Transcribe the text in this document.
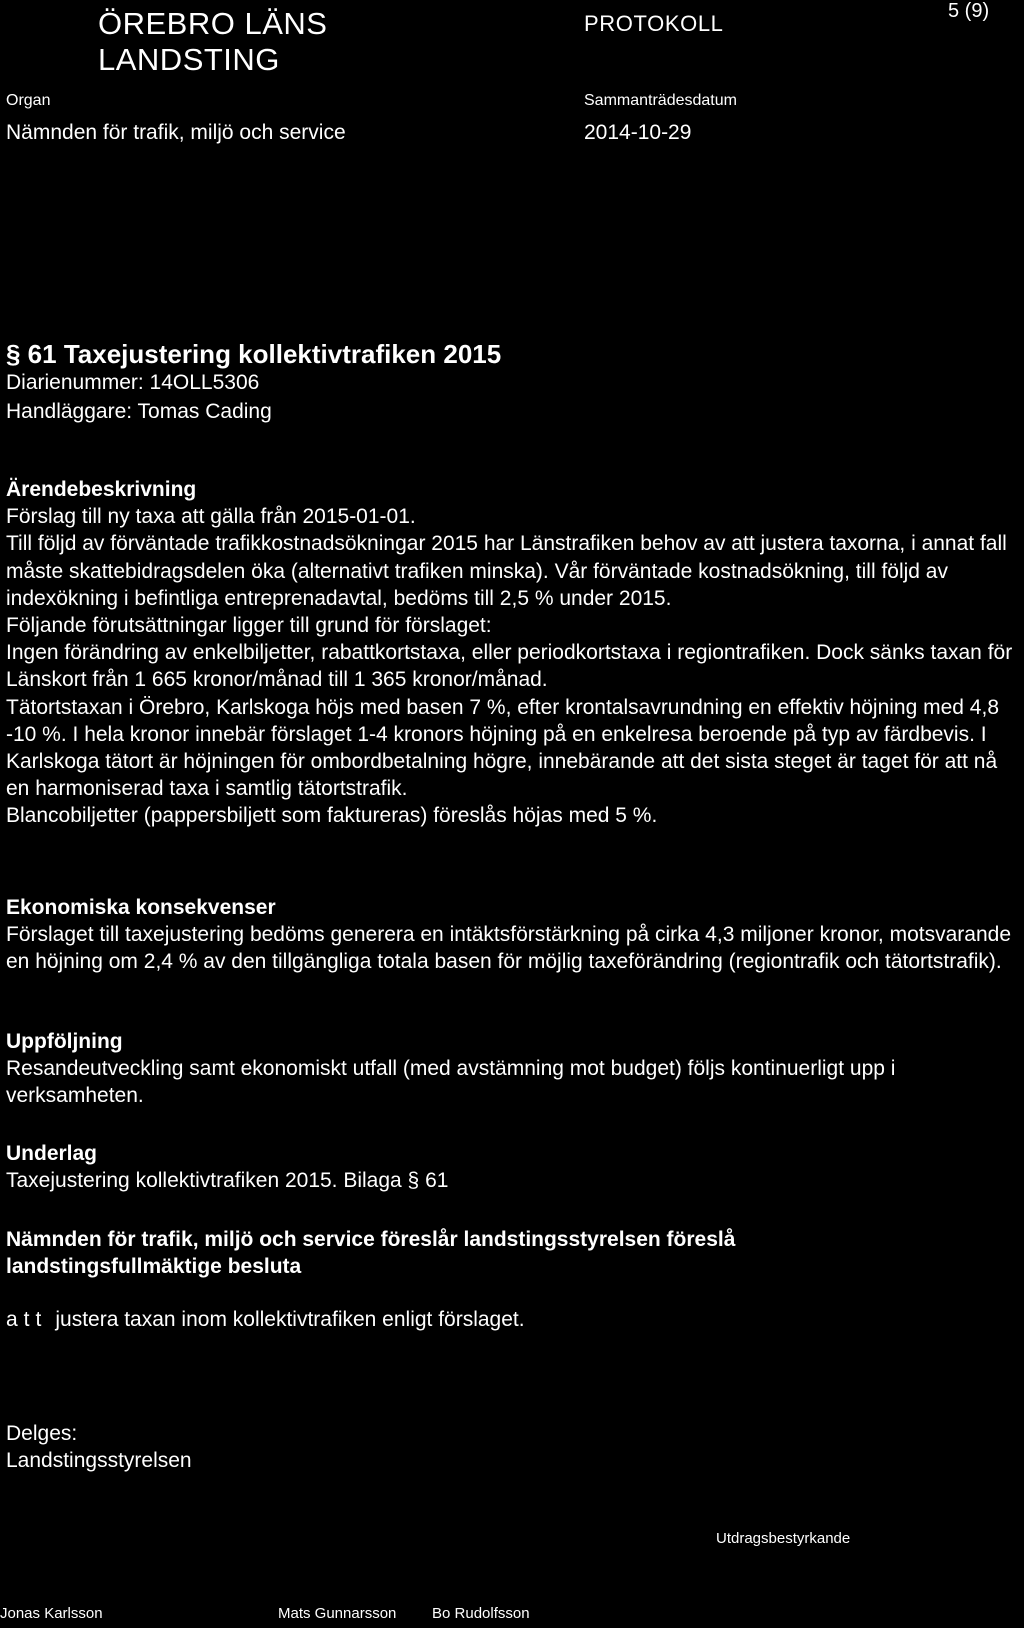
ÖREBRO LÄNS
LANDSTING
PROTOKOLL	5 (9)
Organ	Sammanträdesdatum
Nämnden för trafik, miljö och service	2014-10-29
§ 61 Taxejustering kollektivtrafiken 2015
Diarienummer: 14OLL5306
Handläggare: Tomas Cading
Ärendebeskrivning

Förslag till ny taxa att gälla från 2015-01-01.

Till följd av förväntade trafikkostnadsökningar 2015 har Länstrafiken behov av att justera taxorna, i annat fall måste skattebidragsdelen öka (alternativt trafiken minska). Vår förväntade kostnadsökning, till följd av indexökning i befintliga entreprenadavtal, bedöms till 2,5 % under 2015.

Följande förutsättningar ligger till grund för förslaget:

Ingen förändring av enkelbiljetter, rabattkortstaxa, eller periodkortstaxa i regiontrafiken. Dock sänks taxan för Länskort från 1 665 kronor/månad till 1 365 kronor/månad.

Tätortstaxan i Örebro, Karlskoga höjs med basen 7 %, efter krontalsavrundning en effektiv höjning med 4,8 -10 %. I hela kronor innebär förslaget 1-4 kronors höjning på en enkelresa beroende på typ av färdbevis. I Karlskoga tätort är höjningen för ombordbetalning högre, innebärande att det sista steget är taget för att nå en harmoniserad taxa i samtlig tätortstrafik.

Blancobiljetter (pappersbiljett som faktureras) föreslås höjas med 5 %.

Ekonomiska konsekvenser

Förslaget till taxejustering bedöms generera en intäktsförstärkning på cirka 4,3 miljoner kronor, motsvarande en höjning om 2,4 % av den tillgängliga totala basen för möjlig taxeförändring (regiontrafik och tätortstrafik).

Uppföljning

Resandeutveckling samt ekonomiskt utfall (med avstämning mot budget) följs kontinuerligt upp i verksamheten.

Underlag

Taxejustering kollektivtrafiken 2015. Bilaga § 61

Nämnden för trafik, miljö och service föreslår landstingsstyrelsen föreslå landstingsfullmäktige besluta
att justera taxan inom kollektivtrafiken enligt förslaget.
Delges:
Landstingsstyrelsen
Utdragsbestyrkande
Jonas Karlsson	Mats Gunnarsson Bo Rudolfsson
